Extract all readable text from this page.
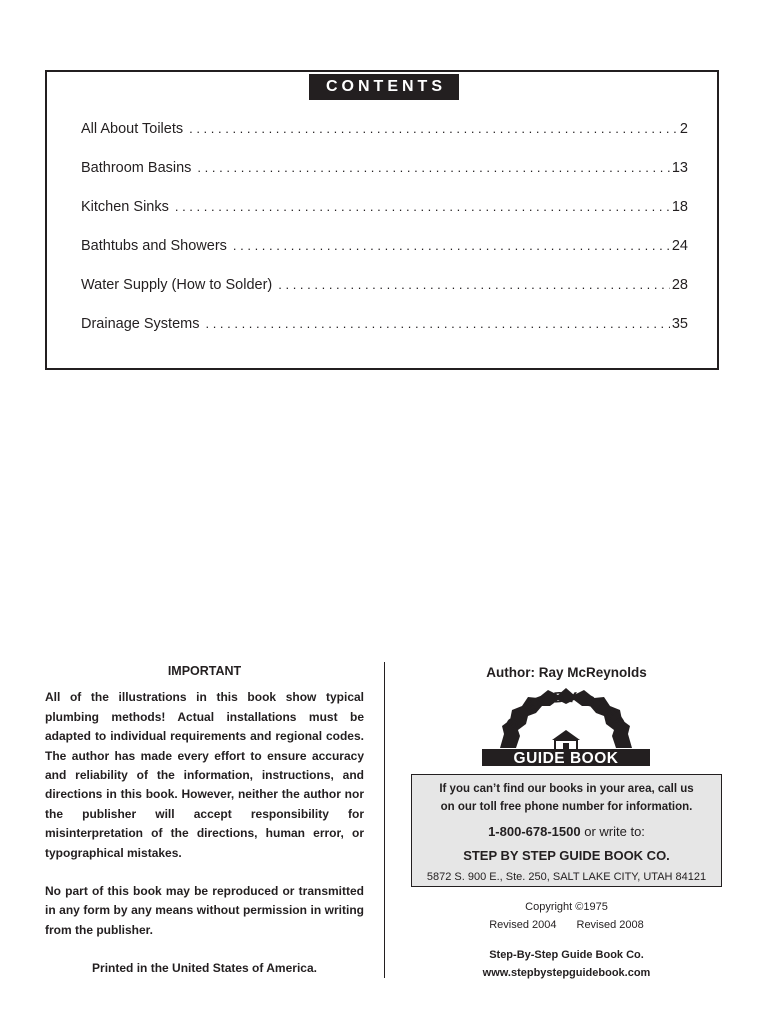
CONTENTS
All About Toilets . . .	2
Bathroom Basins . . .	13
Kitchen Sinks . . .	18
Bathtubs and Showers . . .	24
Water Supply (How to Solder) . . .	28
Drainage Systems . . .	35
IMPORTANT

All of the illustrations in this book show typical plumbing methods! Actual installations must be adapted to individual requirements and regional codes. The author has made every effort to ensure accuracy and reliability of the information, instructions, and directions in this book. However, neither the author nor the publisher will accept responsibility for misinterpretation of the directions, human error, or typographical mistakes.

No part of this book may be reproduced or transmitted in any form by any means without permission in writing from the publisher.

Printed in the United States of America.

Author: Ray McReynolds
STEP BY STEP
GUIDE BOOK
If you can’t find our books in your area, call us
on our toll free phone number for information.
1-800-678-1500 or write to:
STEP BY STEP GUIDE BOOK CO.
5872 S. 900 E., Ste. 250, SALT LAKE CITY, UTAH 84121
Copyright ©1975
Revised 2004 Revised 2008
Step-By-Step Guide Book Co.
www.stepbystepguidebook.com
